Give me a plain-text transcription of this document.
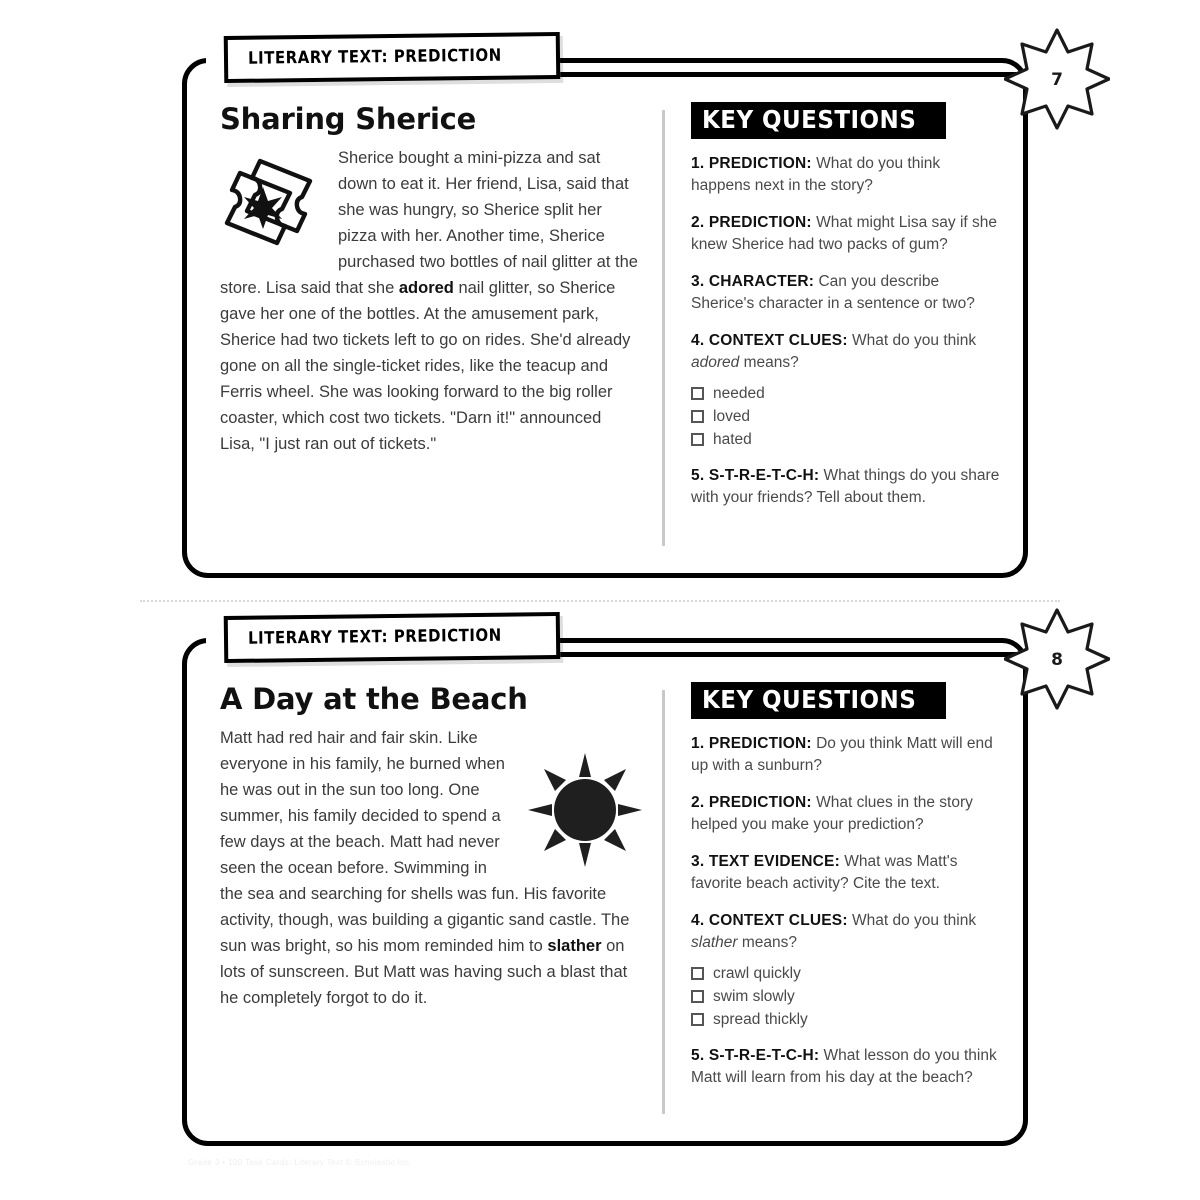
LITERARY TEXT: PREDICTION
7
Sharing Sherice

Sherice bought a mini-pizza and sat down to eat it. Her friend, Lisa, said that she was hungry, so Sherice split her pizza with her. Another time, Sherice purchased two bottles of nail glitter at the store. Lisa said that she adored nail glitter, so Sherice gave her one of the bottles. At the amusement park, Sherice had two tickets left to go on rides. She'd already gone on all the single-ticket rides, like the teacup and Ferris wheel. She was looking forward to the big roller coaster, which cost two tickets. "Darn it!" announced Lisa, "I just ran out of tickets."

KEY QUESTIONS

1. PREDICTION: What do you think happens next in the story?

2. PREDICTION: What might Lisa say if she knew Sherice had two packs of gum?

3. CHARACTER: Can you describe Sherice's character in a sentence or two?

4. CONTEXT CLUES: What do you think adored means?

needed
loved
hated

5. S-T-R-E-T-C-H: What things do you share with your friends? Tell about them.

LITERARY TEXT: PREDICTION
8
A Day at the Beach

Matt had red hair and fair skin. Like everyone in his family, he burned when he was out in the sun too long. One summer, his family decided to spend a few days at the beach. Matt had never seen the ocean before. Swimming in the sea and searching for shells was fun. His favorite activity, though, was building a gigantic sand castle. The sun was bright, so his mom reminded him to slather on lots of sunscreen. But Matt was having such a blast that he completely forgot to do it.

KEY QUESTIONS

1. PREDICTION: Do you think Matt will end up with a sunburn?

2. PREDICTION: What clues in the story helped you make your prediction?

3. TEXT EVIDENCE: What was Matt's favorite beach activity? Cite the text.

4. CONTEXT CLUES: What do you think slather means?

crawl quickly
swim slowly
spread thickly

5. S-T-R-E-T-C-H: What lesson do you think Matt will learn from his day at the beach?

Grade 3 • 100 Task Cards: Literary Text © Scholastic Inc.
